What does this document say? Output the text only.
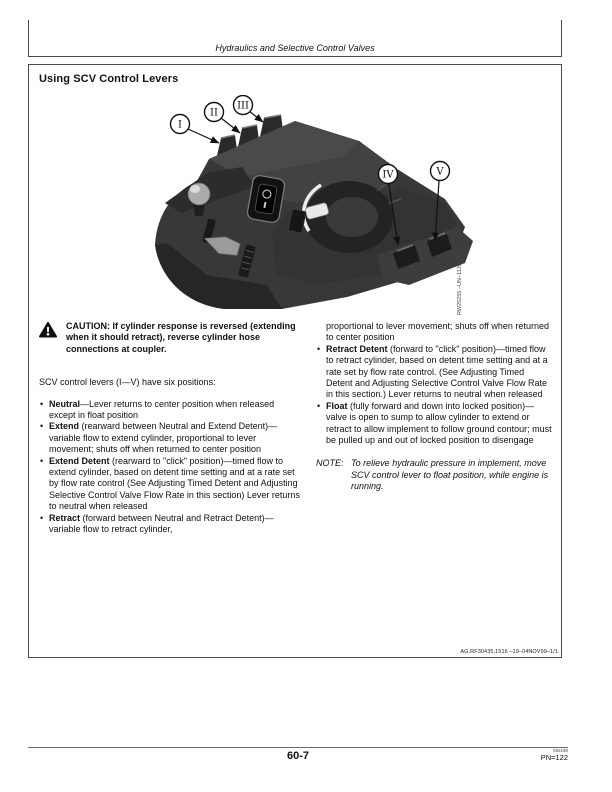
Hydraulics and Selective Control Valves
Using SCV Control Levers
I
II
III
IV	V
RW25255 –UN–11JUN99
CAUTION: If cylinder response is reversed (extending when it should retract), reverse cylinder hose connections at coupler.
SCV control levers (I—V) have six positions:
• Neutral—Lever returns to center position when released except in float position
• Extend (rearward between Neutral and Extend Detent)—variable flow to extend cylinder, proportional to lever movement; shuts off when returned to center position
• Extend Detent (rearward to "click" position)—timed flow to extend cylinder, based on detent time setting and at a rate set by flow rate control (See Adjusting Timed Detent and Adjusting Selective Control Valve Flow Rate in this section) Lever returns to neutral when released
• Retract (forward between Neutral and Retract Detent)—variable flow to retract cylinder,
proportional to lever movement; shuts off when returned to center position
• Retract Detent (forward to "click" position)—timed flow to retract cylinder, based on detent time setting and at a rate set by flow rate control. (See Adjusting Timed Detent and Adjusting Selective Control Valve Flow Rate in this section.) Lever returns to neutral when released
• Float (fully forward and down into locked position)—valve is open to sump to allow cylinder to extend or retract to allow implement to follow ground contour; must be pulled up and out of locked position to disengage
NOTE: To relieve hydraulic pressure in implement, move SCV control lever to float position, while engine is running.
AG,RF30435,1516 –19–04NOV99–1/1
60-7	092190
PN=122
